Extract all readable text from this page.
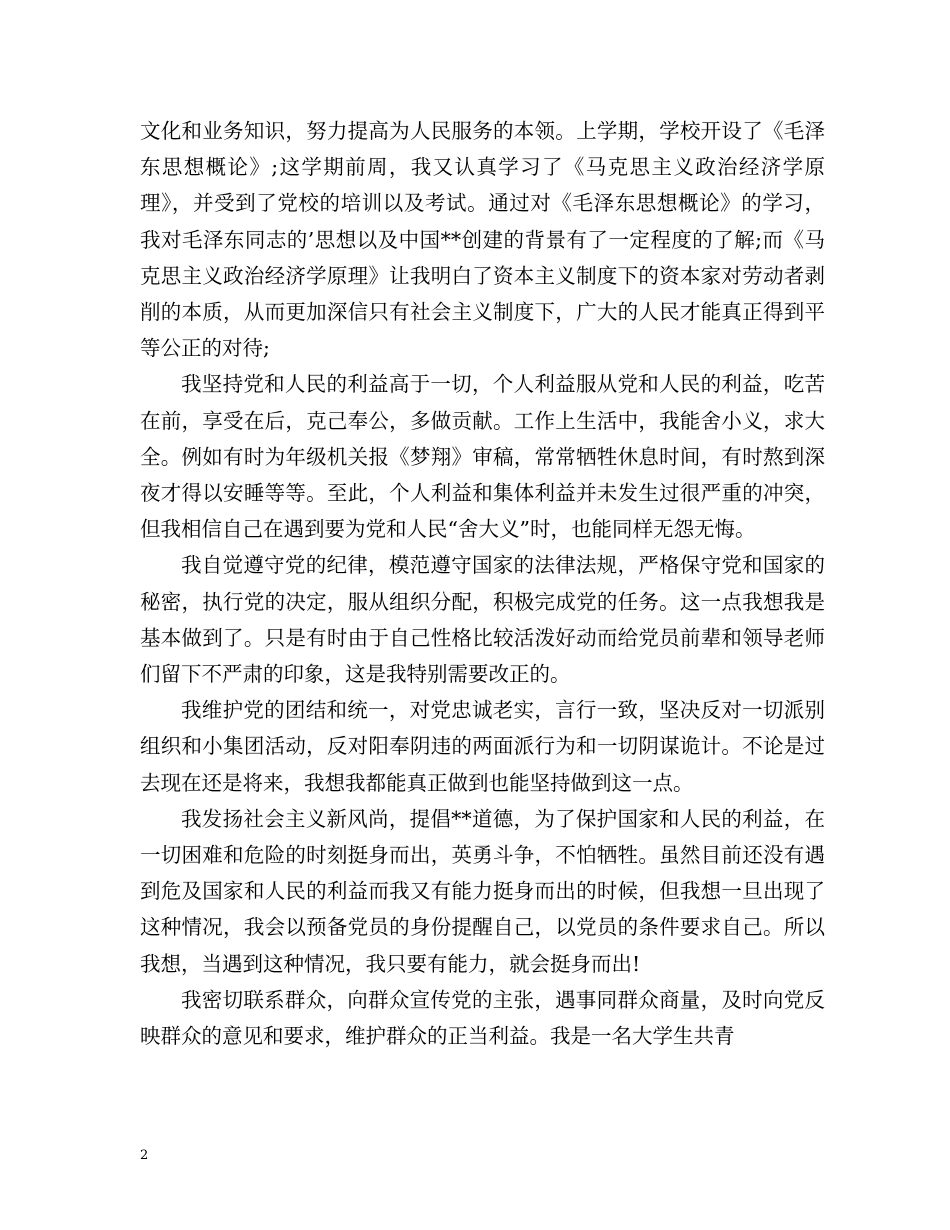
文化和业务知识，努力提高为人民服务的本领。上学期，学校开设了《毛泽东思想概论》;这学期前周，我又认真学习了《马克思主义政治经济学原理》，并受到了党校的培训以及考试。通过对《毛泽东思想概论》的学习，我对毛泽东同志的’思想以及中国**创建的背景有了一定程度的了解;而《马克思主义政治经济学原理》让我明白了资本主义制度下的资本家对劳动者剥削的本质，从而更加深信只有社会主义制度下，广大的人民才能真正得到平等公正的对待;

我坚持党和人民的利益高于一切，个人利益服从党和人民的利益，吃苦在前，享受在后，克己奉公，多做贡献。工作上生活中，我能舍小义，求大全。例如有时为年级机关报《梦翔》审稿，常常牺牲休息时间，有时熬到深夜才得以安睡等等。至此，个人利益和集体利益并未发生过很严重的冲突，但我相信自己在遇到要为党和人民“舍大义”时，也能同样无怨无悔。

我自觉遵守党的纪律，模范遵守国家的法律法规，严格保守党和国家的秘密，执行党的决定，服从组织分配，积极完成党的任务。这一点我想我是基本做到了。只是有时由于自己性格比较活泼好动而给党员前辈和领导老师们留下不严肃的印象，这是我特别需要改正的。

我维护党的团结和统一，对党忠诚老实，言行一致，坚决反对一切派别组织和小集团活动，反对阳奉阴违的两面派行为和一切阴谋诡计。不论是过去现在还是将来，我想我都能真正做到也能坚持做到这一点。

我发扬社会主义新风尚，提倡**道德，为了保护国家和人民的利益，在一切困难和危险的时刻挺身而出，英勇斗争，不怕牺牲。虽然目前还没有遇到危及国家和人民的利益而我又有能力挺身而出的时候，但我想一旦出现了这种情况，我会以预备党员的身份提醒自己，以党员的条件要求自己。所以我想，当遇到这种情况，我只要有能力，就会挺身而出!

我密切联系群众，向群众宣传党的主张，遇事同群众商量，及时向党反映群众的意见和要求，维护群众的正当利益。我是一名大学生共青

2
